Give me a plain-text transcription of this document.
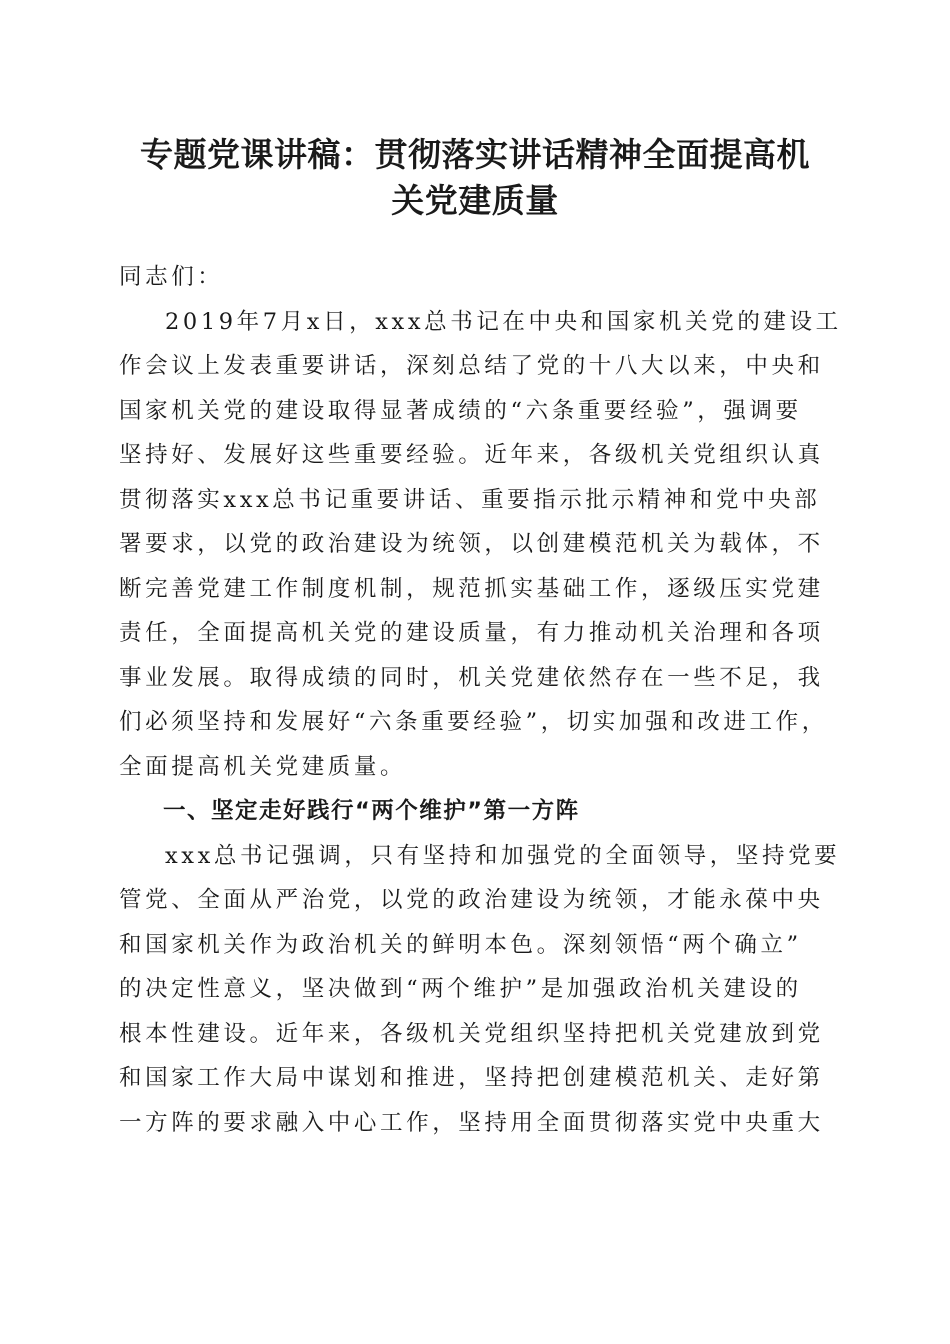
专题党课讲稿：贯彻落实讲话精神全面提高机
关党建质量

同志们：

2019年7月x日，xxx总书记在中央和国家机关党的建设工
作会议上发表重要讲话，深刻总结了党的十八大以来，中央和
国家机关党的建设取得显著成绩的“六条重要经验”，强调要
坚持好、发展好这些重要经验。近年来，各级机关党组织认真
贯彻落实xxx总书记重要讲话、重要指示批示精神和党中央部
署要求，以党的政治建设为统领，以创建模范机关为载体，不
断完善党建工作制度机制，规范抓实基础工作，逐级压实党建
责任，全面提高机关党的建设质量，有力推动机关治理和各项
事业发展。取得成绩的同时，机关党建依然存在一些不足，我
们必须坚持和发展好“六条重要经验”，切实加强和改进工作，
全面提高机关党建质量。
一、坚定走好践行“两个维护”第一方阵
xxx总书记强调，只有坚持和加强党的全面领导，坚持党要
管党、全面从严治党，以党的政治建设为统领，才能永葆中央
和国家机关作为政治机关的鲜明本色。深刻领悟“两个确立”
的决定性意义，坚决做到“两个维护”是加强政治机关建设的
根本性建设。近年来，各级机关党组织坚持把机关党建放到党
和国家工作大局中谋划和推进，坚持把创建模范机关、走好第
一方阵的要求融入中心工作，坚持用全面贯彻落实党中央重大
